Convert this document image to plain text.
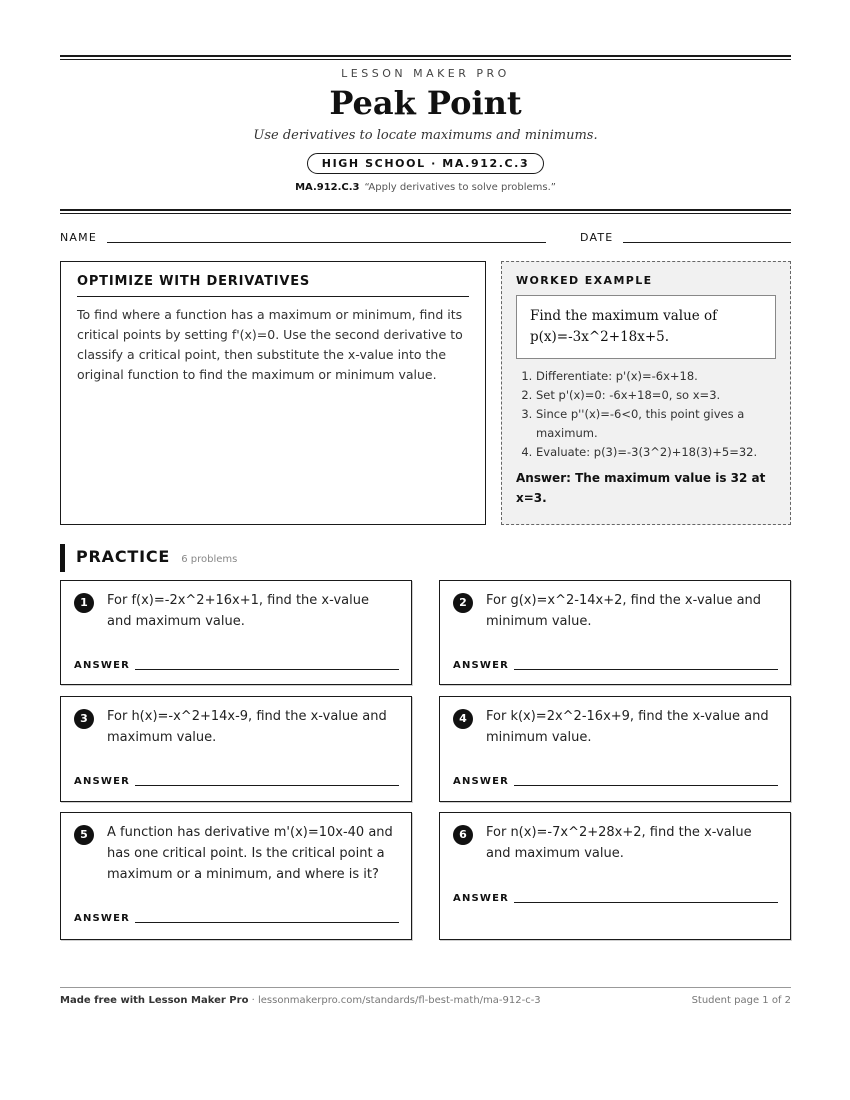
LESSON MAKER PRO
Peak Point
Use derivatives to locate maximums and minimums.
HIGH SCHOOL · MA.912.C.3
MA.912.C.3 “Apply derivatives to solve problems.”
NAME	DATE
OPTIMIZE WITH DERIVATIVES

To find where a function has a maximum or minimum, find its critical points by setting f'(x)=0. Use the second derivative to classify a critical point, then substitute the x-value into the original function to find the maximum or minimum value.

WORKED EXAMPLE
Find the maximum value of p(x)=-3x^2+18x+5.
1. Differentiate: p'(x)=-6x+18.
2. Set p'(x)=0: -6x+18=0, so x=3.
3. Since p''(x)=-6<0, this point gives a maximum.
4. Evaluate: p(3)=-3(3^2)+18(3)+5=32.
Answer: The maximum value is 32 at x=3.
PRACTICE 6 problems
1	For f(x)=-2x^2+16x+1, find the x-value and maximum value.
ANSWER
2	For g(x)=x^2-14x+2, find the x-value and minimum value.
ANSWER
3	For h(x)=-x^2+14x-9, find the x-value and maximum value.
ANSWER
4	For k(x)=2x^2-16x+9, find the x-value and minimum value.
ANSWER
5	A function has derivative m'(x)=10x-40 and has one critical point. Is the critical point a maximum or a minimum, and where is it?
ANSWER
6	For n(x)=-7x^2+28x+2, find the x-value and maximum value.
ANSWER
Made free with Lesson Maker Pro · lessonmakerpro.com/standards/fl-best-math/ma-912-c-3	Student page 1 of 2
